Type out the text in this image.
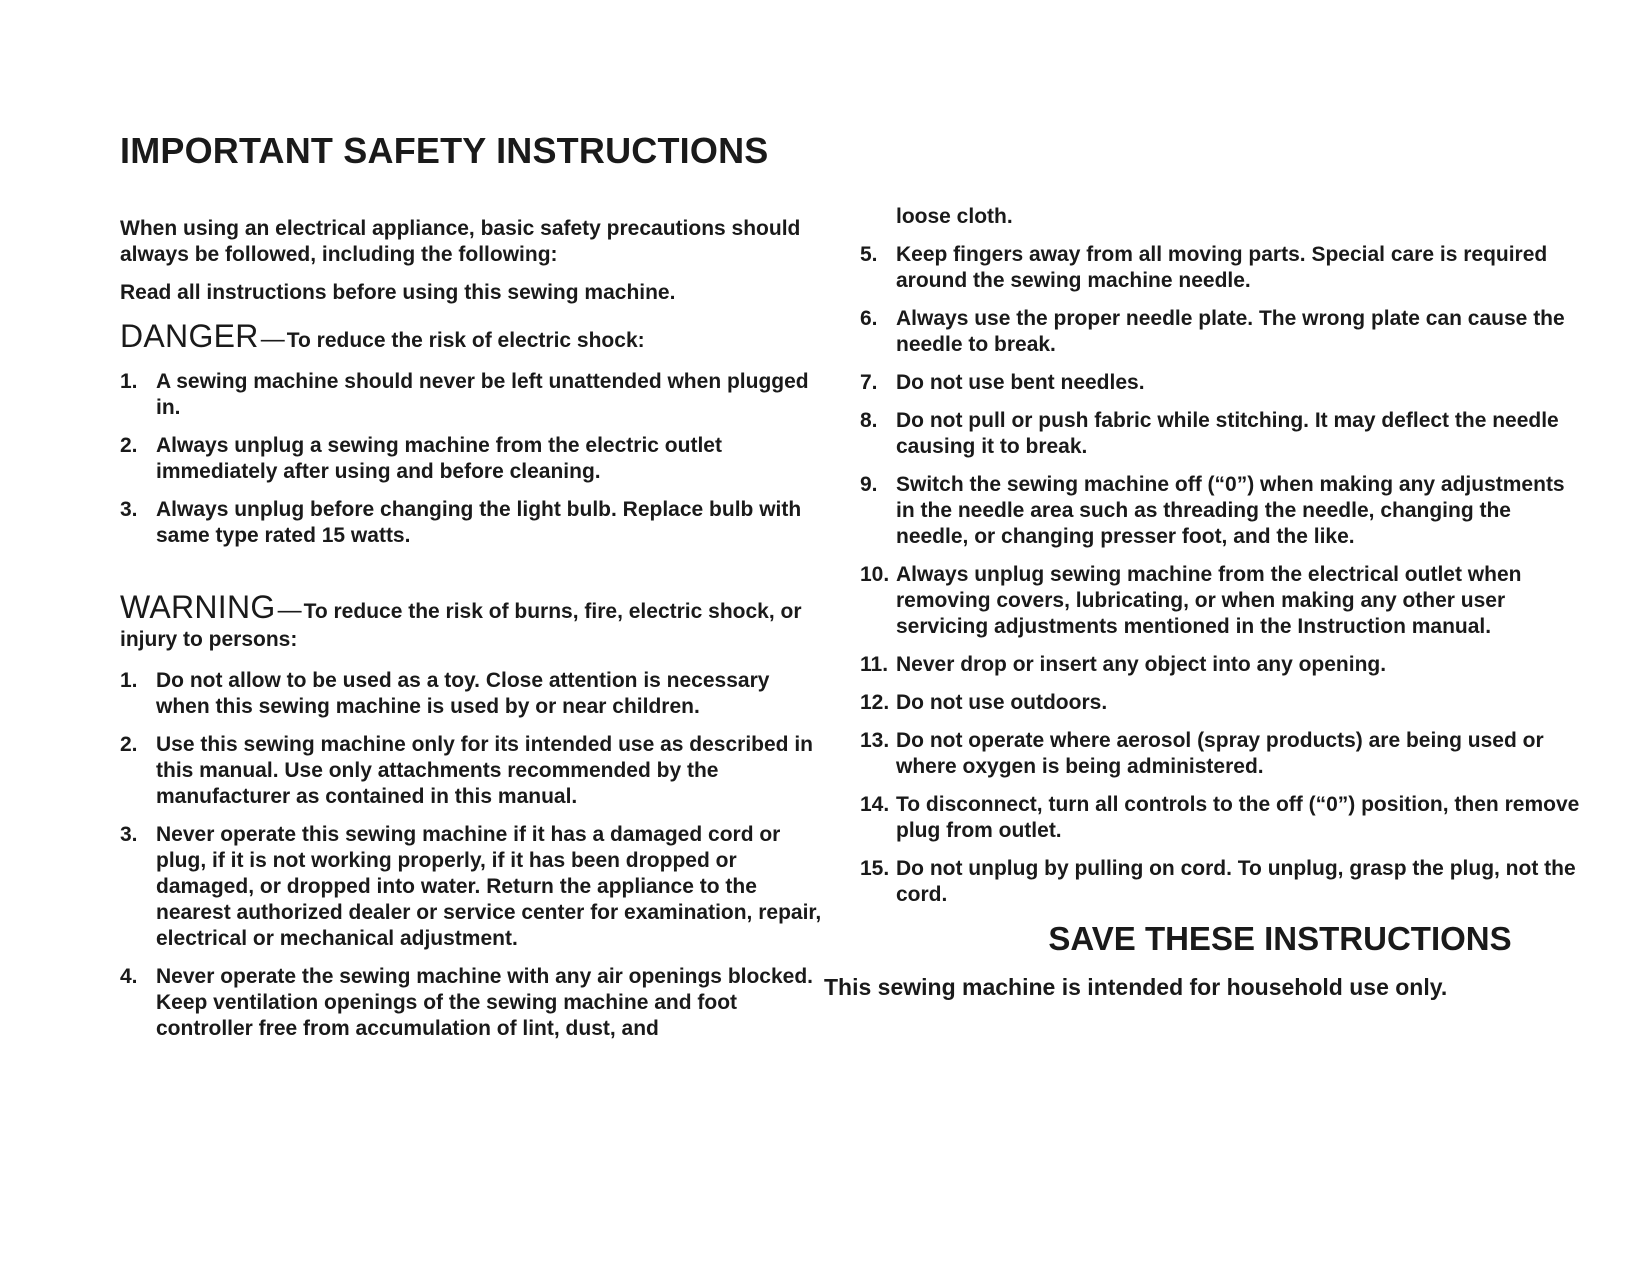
IMPORTANT SAFETY INSTRUCTIONS

When using an electrical appliance, basic safety precautions should always be followed, including the following:

Read all instructions before using this sewing machine.

DANGER—To reduce the risk of electric shock:
1. A sewing machine should never be left unattended when plugged in.
2. Always unplug a sewing machine from the electric outlet immediately after using and before cleaning.
3. Always unplug before changing the light bulb. Replace bulb with same type rated 15 watts.
WARNING—To reduce the risk of burns, fire, electric shock, or injury to persons:
1. Do not allow to be used as a toy. Close attention is necessary when this sewing machine is used by or near children.
2. Use this sewing machine only for its intended use as described in this manual. Use only attachments recommended by the manufacturer as contained in this manual.
3. Never operate this sewing machine if it has a damaged cord or plug, if it is not working properly, if it has been dropped or damaged, or dropped into water. Return the appliance to the nearest authorized dealer or service center for examination, repair, electrical or mechanical adjustment.
4. Never operate the sewing machine with any air openings blocked. Keep ventilation openings of the sewing machine and foot controller free from accumulation of lint, dust, and

loose cloth.

5. Keep fingers away from all moving parts. Special care is required around the sewing machine needle.
6. Always use the proper needle plate. The wrong plate can cause the needle to break.
7. Do not use bent needles.
8. Do not pull or push fabric while stitching. It may deflect the needle causing it to break.
9. Switch the sewing machine off (“0”) when making any adjustments in the needle area such as threading the needle, changing the needle, or changing presser foot, and the like.
10. Always unplug sewing machine from the electrical outlet when removing covers, lubricating, or when making any other user servicing adjustments mentioned in the Instruction manual.
11. Never drop or insert any object into any opening.
12. Do not use outdoors.
13. Do not operate where aerosol (spray products) are being used or where oxygen is being administered.
14. To disconnect, turn all controls to the off (“0”) position, then remove plug from outlet.
15. Do not unplug by pulling on cord. To unplug, grasp the plug, not the cord.
SAVE THESE INSTRUCTIONS

This sewing machine is intended for household use only.
